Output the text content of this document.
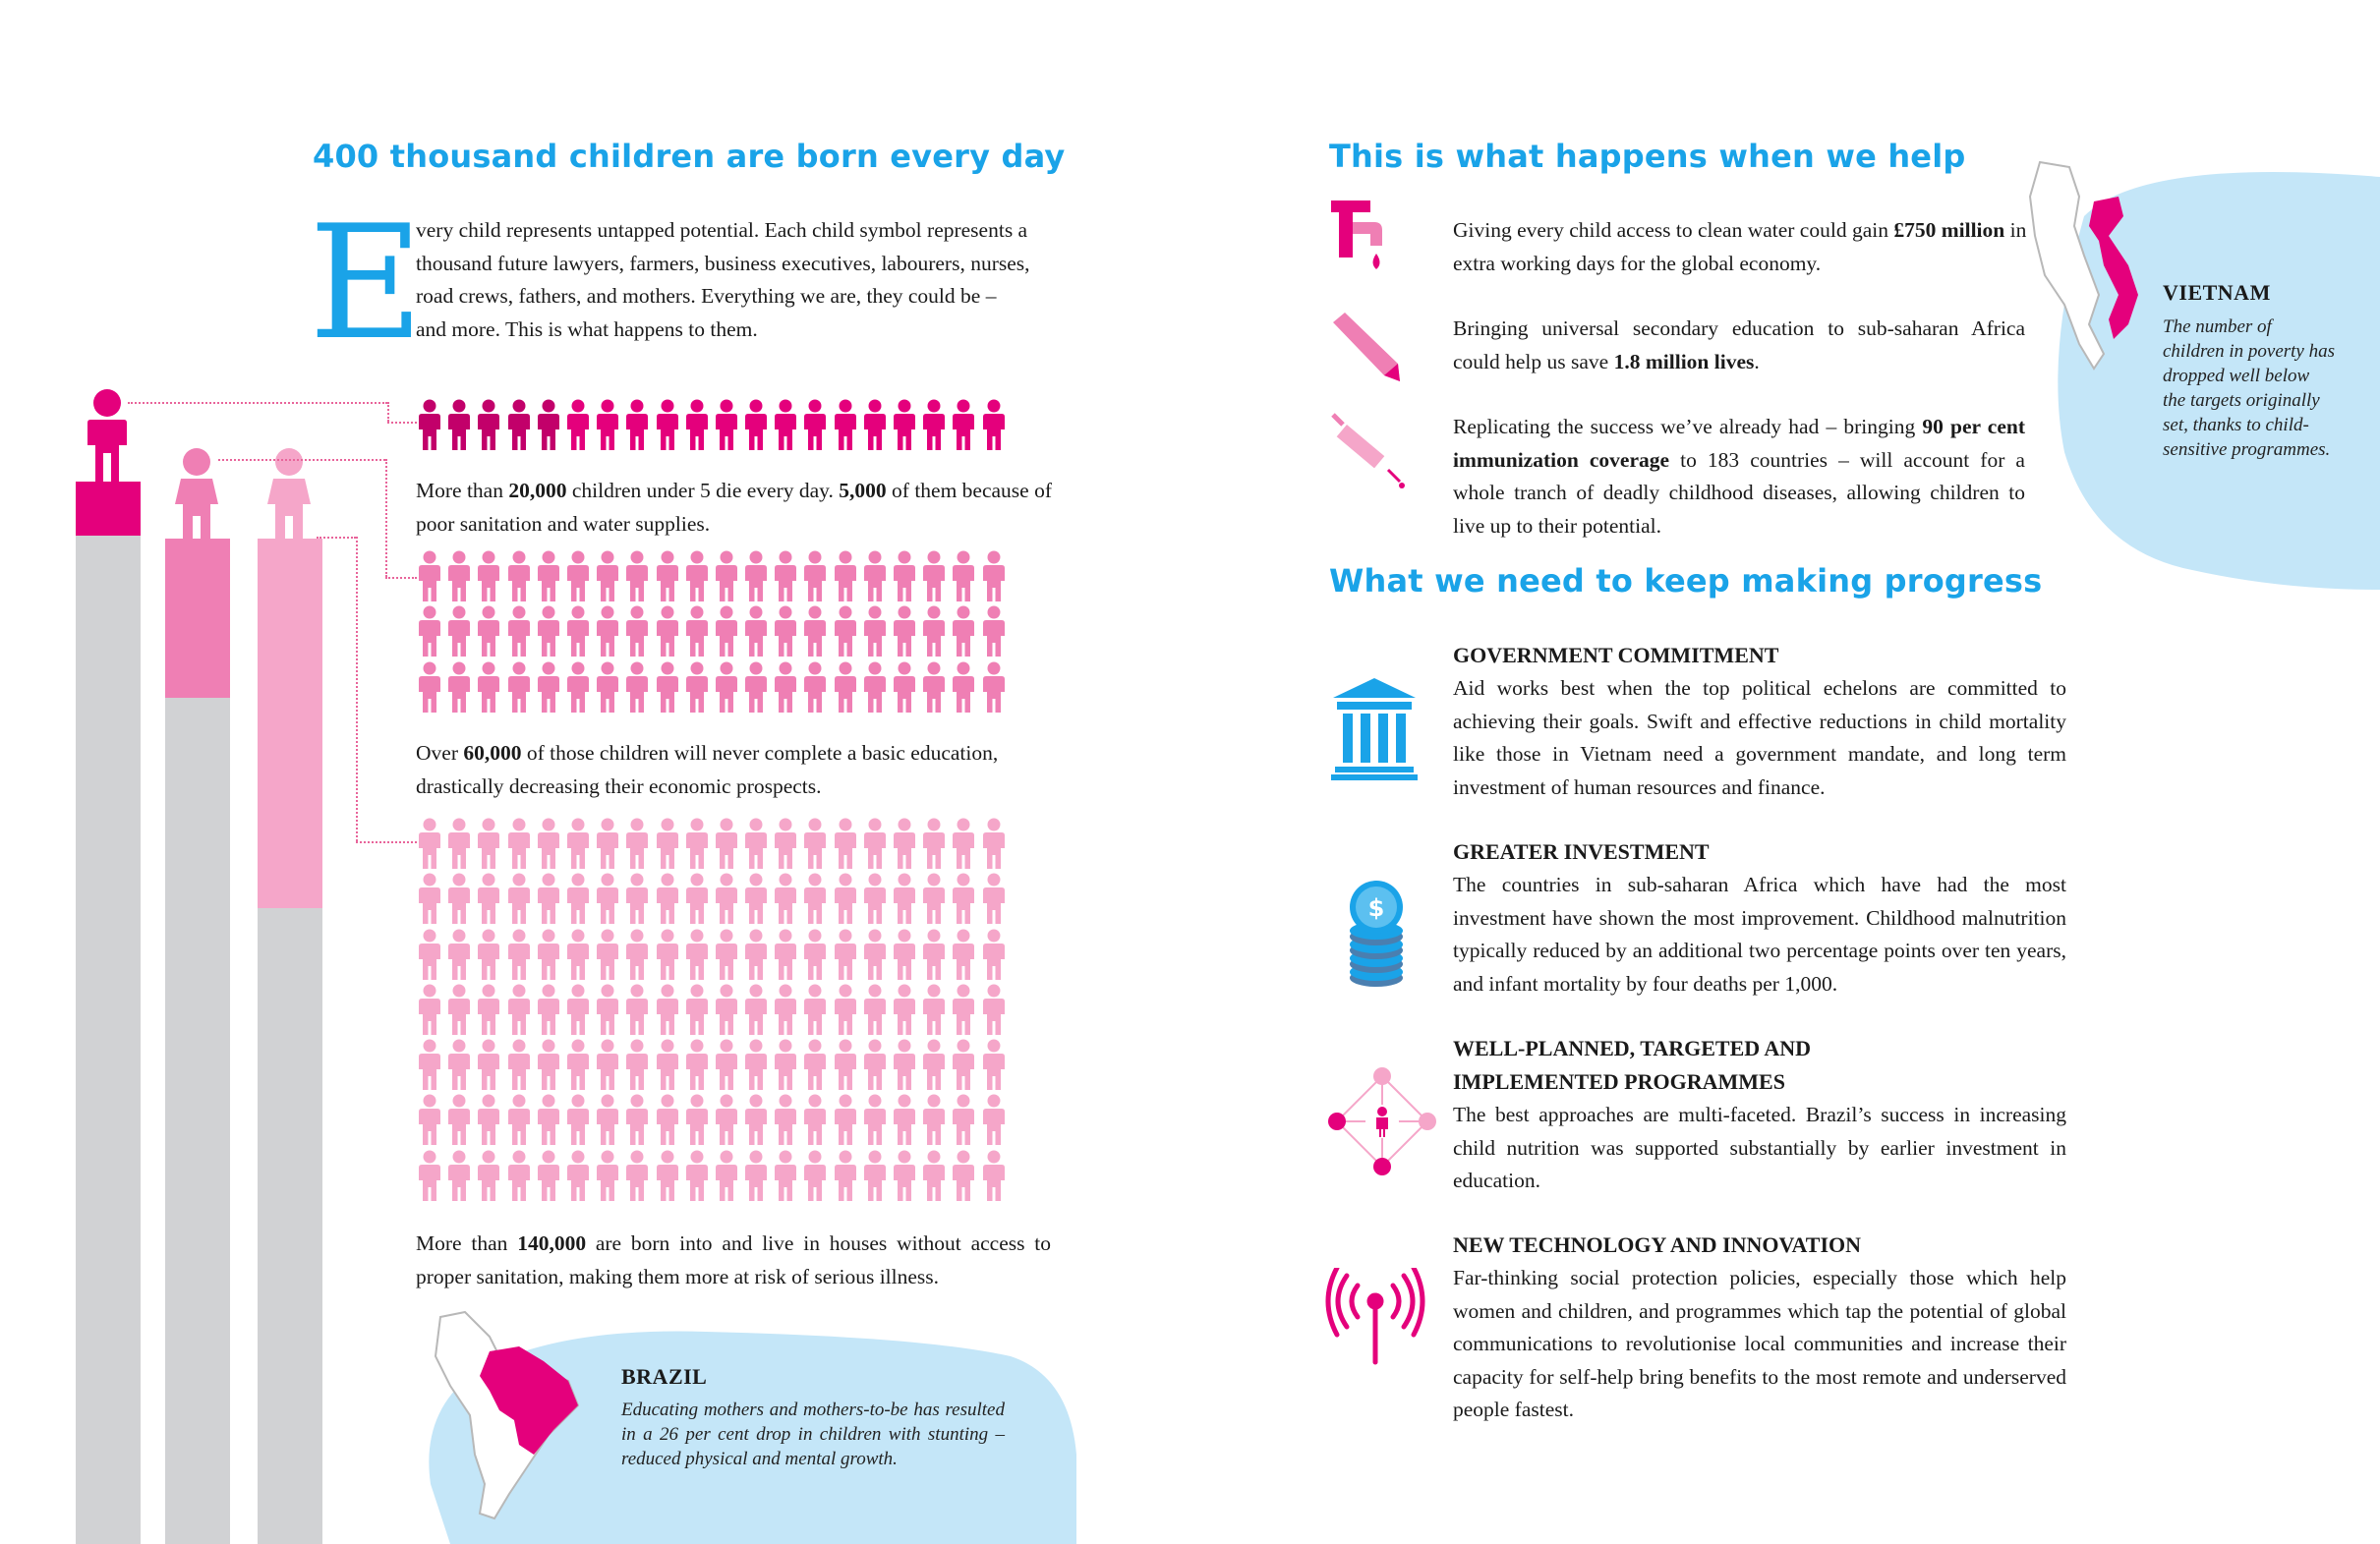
400 thousand children are born every day
E
very child represents untapped potential. Each child symbol represents a thousand future lawyers, farmers, business executives, labourers, nurses, road crews, fathers, and mothers. Everything we are, they could be – and more. This is what happens to them.
More than 20,000 children under 5 die every day. 5,000 of them because of poor sanitation and water supplies.
Over 60,000 of those children will never complete a basic education, drastically decreasing their economic prospects.
More than 140,000 are born into and live in houses without access to proper sanitation, making them more at risk of serious illness.
BRAZIL
Educating mothers and mothers-to-be has resulted in a 26 per cent drop in children with stunting – reduced physical and mental growth.
This is what happens when we help
VIETNAM
The number of children in poverty has dropped well below the targets originally set, thanks to child-sensitive programmes.
Giving every child access to clean water could gain £750 million in extra working days for the global economy.
Bringing universal secondary education to sub-saharan Africa could help us save 1.8 million lives.
Replicating the success we’ve already had – bringing 90 per cent immunization coverage to 183 countries – will account for a whole tranch of deadly childhood diseases, allowing children to live up to their potential.
What we need to keep making progress
GOVERNMENT COMMITMENT
Aid works best when the top political echelons are committed to achieving their goals. Swift and effective reductions in child mortality like those in Vietnam need a government mandate, and long term investment of human resources and finance.
$
GREATER INVESTMENT
The countries in sub-saharan Africa which have had the most investment have shown the most improvement. Childhood malnutrition typically reduced by an additional two percentage points over ten years, and infant mortality by four deaths per 1,000.
WELL-PLANNED, TARGETED AND IMPLEMENTED PROGRAMMES
The best approaches are multi-faceted. Brazil’s success in increasing child nutrition was supported substantially by earlier investment in education.
NEW TECHNOLOGY AND INNOVATION
Far-thinking social protection policies, especially those which help women and children, and programmes which tap the potential of global communications to revolutionise local communities and increase their capacity for self-help bring benefits to the most remote and underserved people fastest.
